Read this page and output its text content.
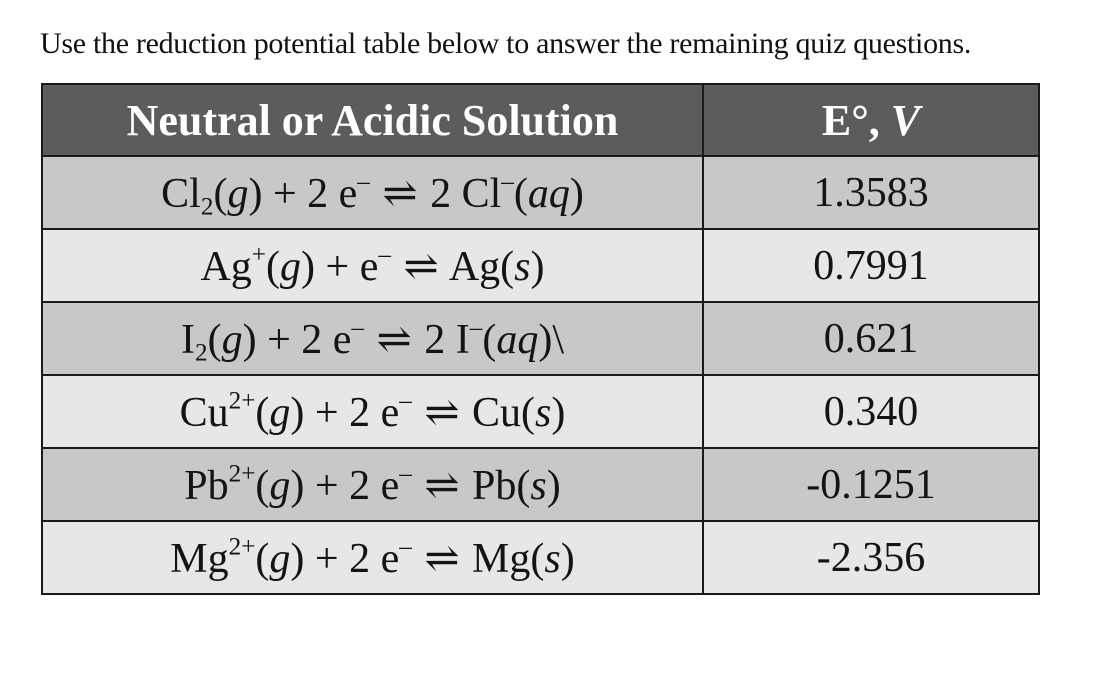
Use the reduction potential table below to answer the remaining quiz questions.
Neutral or Acidic Solution	E°, V
$Cl_2(g) + 2$ e– ⇌ 2 Cl–(aq)	1.3583
Ag+(g) + e– ⇌ Ag(s)	0.7991
$I_2(g) + 2$ e– ⇌ 2 I–(aq)\	0.621
$Cu^{2+}(g) + 2$ e– ⇌ Cu(s)	0.340
$Pb^{2+}(g) + 2$ e– ⇌ Pb(s)	-0.1251
$Mg^{2+}(g) + 2$ e– ⇌ Mg(s)	-2.356
